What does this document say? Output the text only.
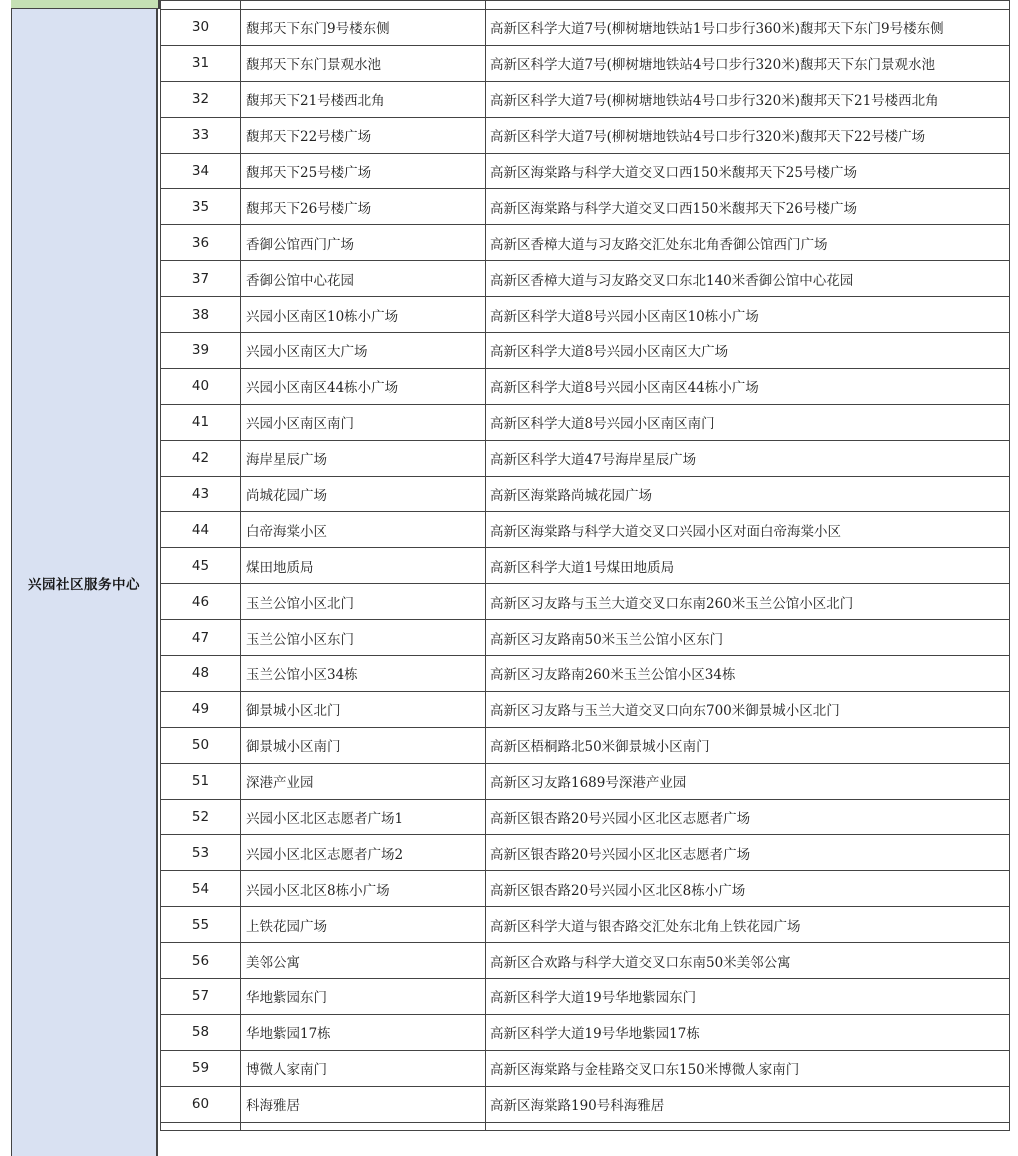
兴园社区服务中心

30	馥邦天下东门9号楼东侧	高新区科学大道7号(柳树塘地铁站1号口步行360米)馥邦天下东门9号楼东侧
31	馥邦天下东门景观水池	高新区科学大道7号(柳树塘地铁站4号口步行320米)馥邦天下东门景观水池
32	馥邦天下21号楼西北角	高新区科学大道7号(柳树塘地铁站4号口步行320米)馥邦天下21号楼西北角
33	馥邦天下22号楼广场	高新区科学大道7号(柳树塘地铁站4号口步行320米)馥邦天下22号楼广场
34	馥邦天下25号楼广场	高新区海棠路与科学大道交叉口西150米馥邦天下25号楼广场
35	馥邦天下26号楼广场	高新区海棠路与科学大道交叉口西150米馥邦天下26号楼广场
36	香御公馆西门广场	高新区香樟大道与习友路交汇处东北角香御公馆西门广场
37	香御公馆中心花园	高新区香樟大道与习友路交叉口东北140米香御公馆中心花园
38	兴园小区南区10栋小广场	高新区科学大道8号兴园小区南区10栋小广场
39	兴园小区南区大广场	高新区科学大道8号兴园小区南区大广场
40	兴园小区南区44栋小广场	高新区科学大道8号兴园小区南区44栋小广场
41	兴园小区南区南门	高新区科学大道8号兴园小区南区南门
42	海岸星辰广场	高新区科学大道47号海岸星辰广场
43	尚城花园广场	高新区海棠路尚城花园广场
44	白帝海棠小区	高新区海棠路与科学大道交叉口兴园小区对面白帝海棠小区
45	煤田地质局	高新区科学大道1号煤田地质局
46	玉兰公馆小区北门	高新区习友路与玉兰大道交叉口东南260米玉兰公馆小区北门
47	玉兰公馆小区东门	高新区习友路南50米玉兰公馆小区东门
48	玉兰公馆小区34栋	高新区习友路南260米玉兰公馆小区34栋
49	御景城小区北门	高新区习友路与玉兰大道交叉口向东700米御景城小区北门
50	御景城小区南门	高新区梧桐路北50米御景城小区南门
51	深港产业园	高新区习友路1689号深港产业园
52	兴园小区北区志愿者广场1	高新区银杏路20号兴园小区北区志愿者广场
53	兴园小区北区志愿者广场2	高新区银杏路20号兴园小区北区志愿者广场
54	兴园小区北区8栋小广场	高新区银杏路20号兴园小区北区8栋小广场
55	上铁花园广场	高新区科学大道与银杏路交汇处东北角上铁花园广场
56	美邻公寓	高新区合欢路与科学大道交叉口东南50米美邻公寓
57	华地紫园东门	高新区科学大道19号华地紫园东门
58	华地紫园17栋	高新区科学大道19号华地紫园17栋
59	博微人家南门	高新区海棠路与金桂路交叉口东150米博微人家南门
60	科海雅居	高新区海棠路190号科海雅居
